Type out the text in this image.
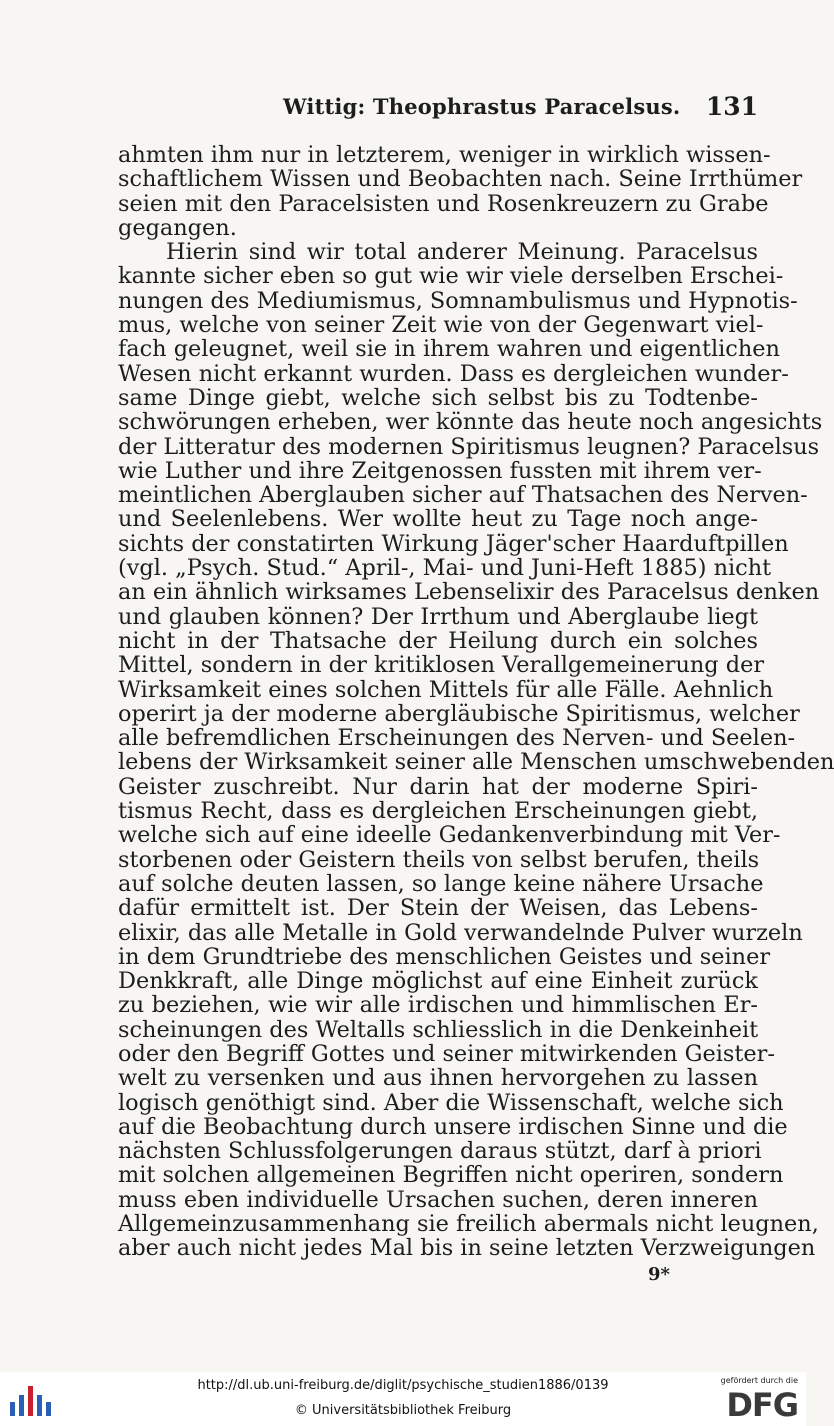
Wittig: Theophrastus Paracelsus. 131
ahmten ihm nur in letzterem, weniger in wirklich wissen-
schaftlichem Wissen und Beobachten nach. Seine Irrthümer
seien mit den Paracelsisten und Rosenkreuzern zu Grabe
gegangen.
Hierin sind wir total anderer Meinung. Paracelsus
kannte sicher eben so gut wie wir viele derselben Erschei-
nungen des Mediumismus, Somnambulismus und Hypnotis-
mus, welche von seiner Zeit wie von der Gegenwart viel-
fach geleugnet, weil sie in ihrem wahren und eigentlichen
Wesen nicht erkannt wurden. Dass es dergleichen wunder-
same Dinge giebt, welche sich selbst bis zu Todtenbe-
schwörungen erheben, wer könnte das heute noch angesichts
der Litteratur des modernen Spiritismus leugnen? Paracelsus
wie Luther und ihre Zeitgenossen fussten mit ihrem ver-
meintlichen Aberglauben sicher auf Thatsachen des Nerven-
und Seelenlebens. Wer wollte heut zu Tage noch ange-
sichts der constatirten Wirkung Jäger'scher Haarduftpillen
(vgl. „Psych. Stud.“ April-, Mai- und Juni-Heft 1885) nicht
an ein ähnlich wirksames Lebenselixir des Paracelsus denken
und glauben können? Der Irrthum und Aberglaube liegt
nicht in der Thatsache der Heilung durch ein solches
Mittel, sondern in der kritiklosen Verallgemeinerung der
Wirksamkeit eines solchen Mittels für alle Fälle. Aehnlich
operirt ja der moderne abergläubische Spiritismus, welcher
alle befremdlichen Erscheinungen des Nerven- und Seelen-
lebens der Wirksamkeit seiner alle Menschen umschwebenden
Geister zuschreibt. Nur darin hat der moderne Spiri-
tismus Recht, dass es dergleichen Erscheinungen giebt,
welche sich auf eine ideelle Gedankenverbindung mit Ver-
storbenen oder Geistern theils von selbst berufen, theils
auf solche deuten lassen, so lange keine nähere Ursache
dafür ermittelt ist. Der Stein der Weisen, das Lebens-
elixir, das alle Metalle in Gold verwandelnde Pulver wurzeln
in dem Grundtriebe des menschlichen Geistes und seiner
Denkkraft, alle Dinge möglichst auf eine Einheit zurück
zu beziehen, wie wir alle irdischen und himmlischen Er-
scheinungen des Weltalls schliesslich in die Denkeinheit
oder den Begriff Gottes und seiner mitwirkenden Geister-
welt zu versenken und aus ihnen hervorgehen zu lassen
logisch genöthigt sind. Aber die Wissenschaft, welche sich
auf die Beobachtung durch unsere irdischen Sinne und die
nächsten Schlussfolgerungen daraus stützt, darf à priori
mit solchen allgemeinen Begriffen nicht operiren, sondern
muss eben individuelle Ursachen suchen, deren inneren
Allgemeinzusammenhang sie freilich abermals nicht leugnen,
aber auch nicht jedes Mal bis in seine letzten Verzweigungen
9*
http://dl.ub.uni-freiburg.de/diglit/psychische_studien1886/0139
© Universitätsbibliothek Freiburg
gefördert durch die
DFG
